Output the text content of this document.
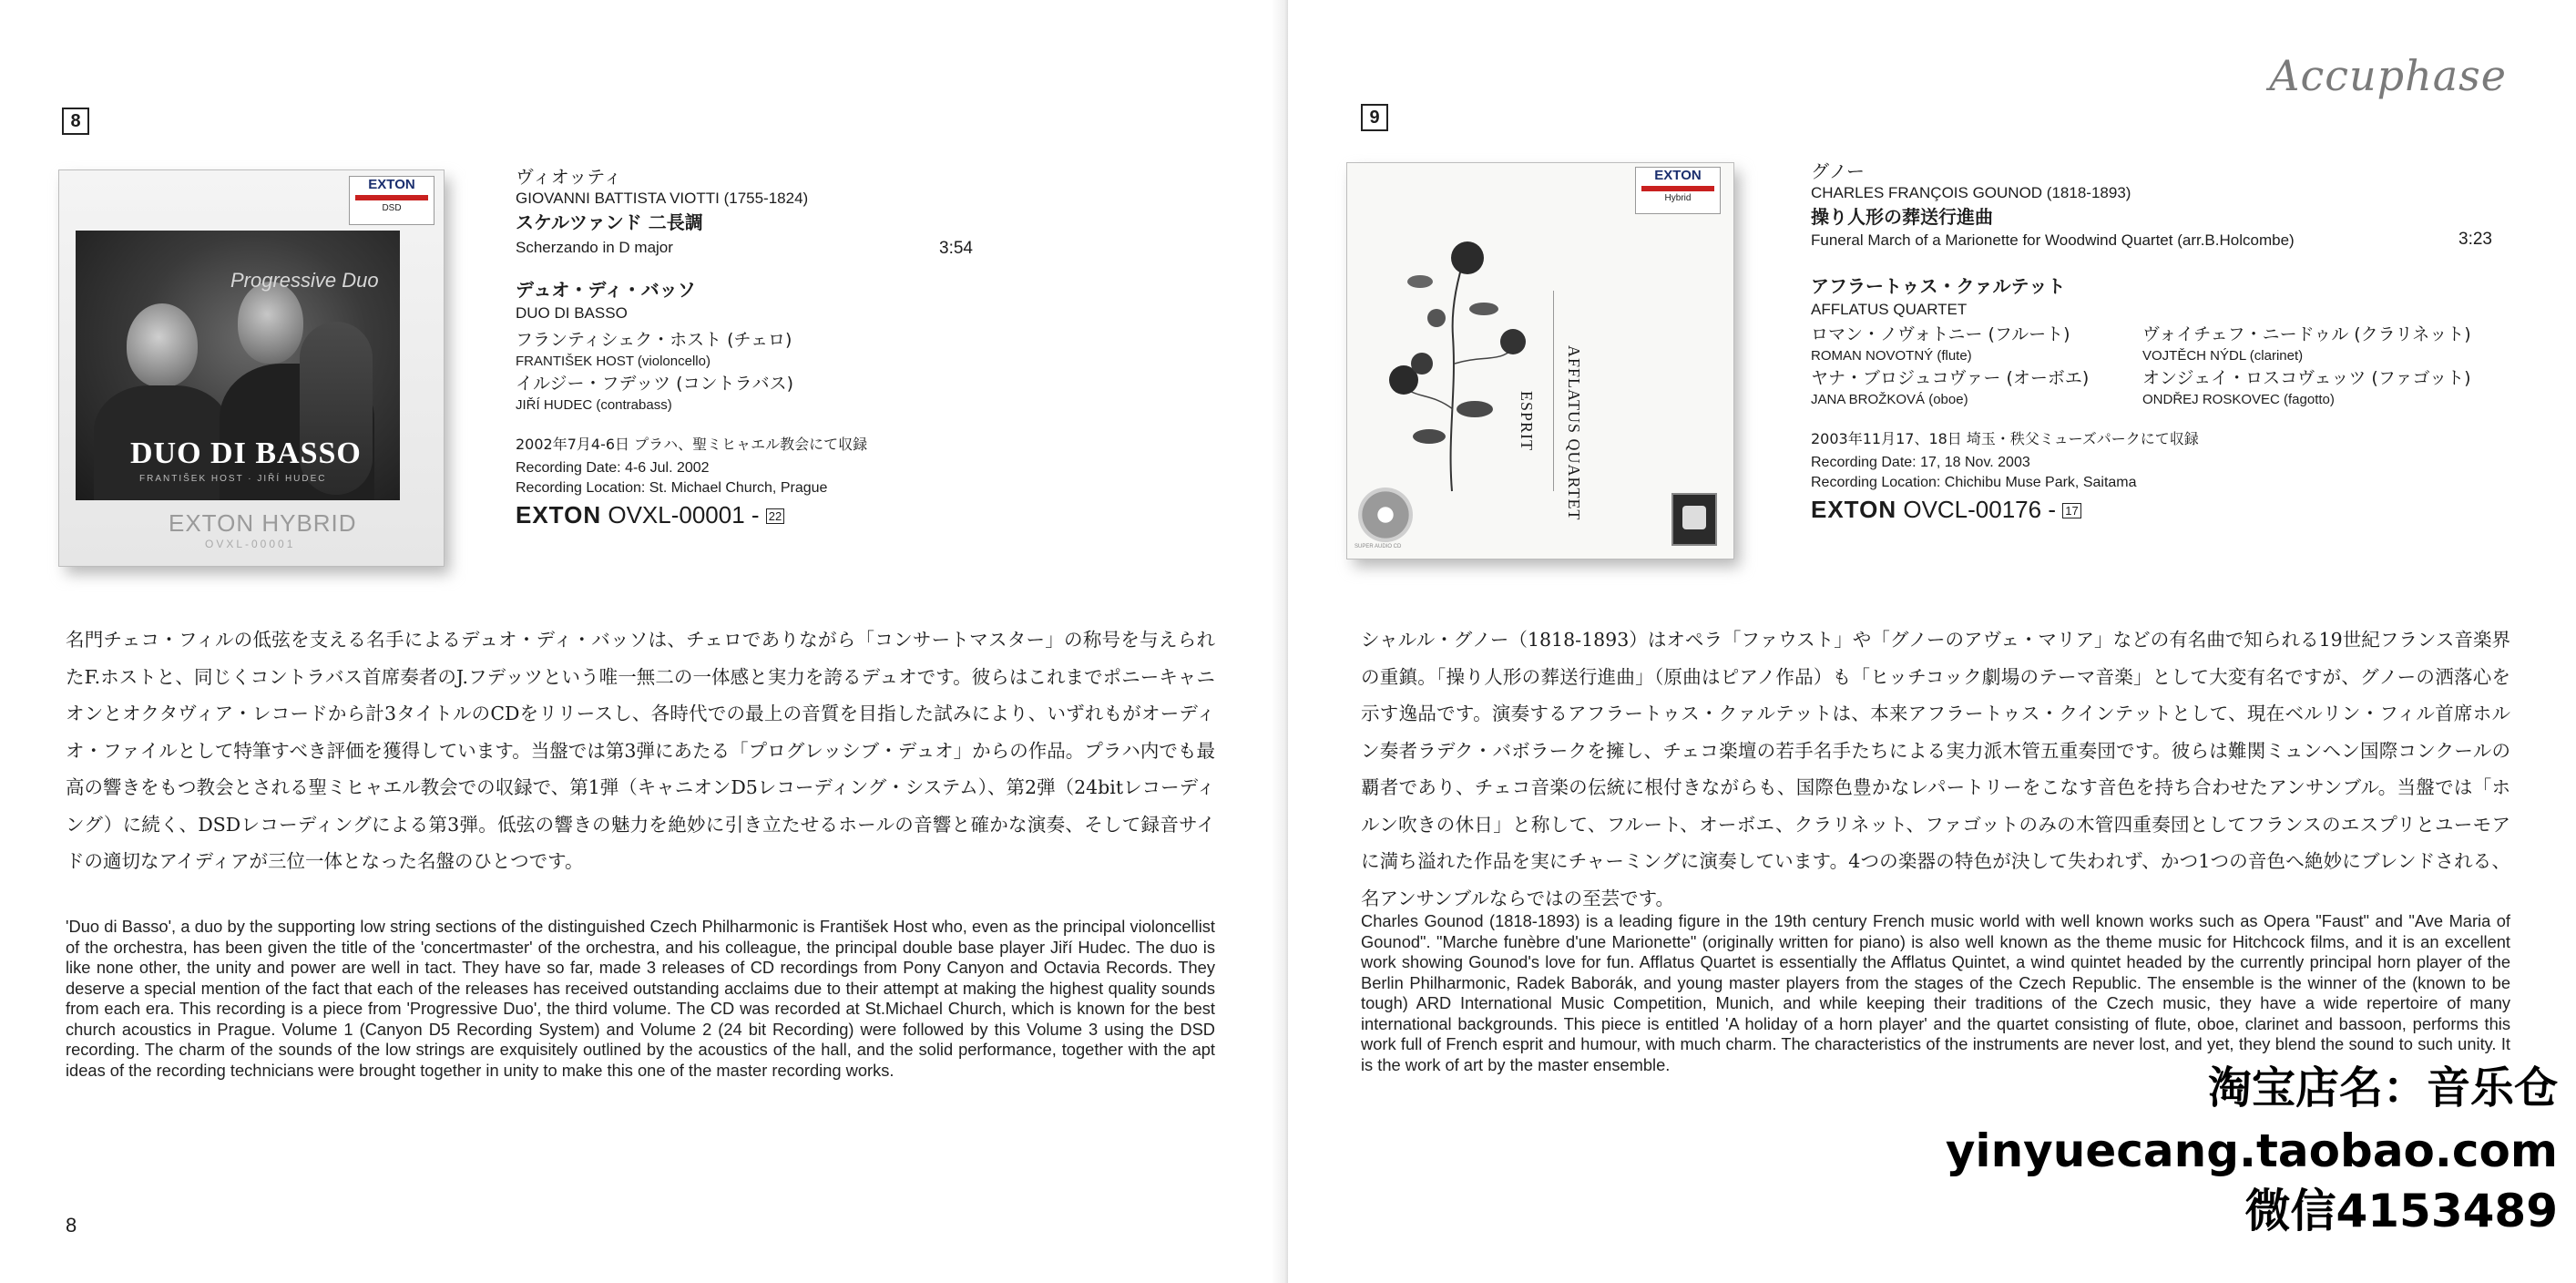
8
EXTON
DSD
Progressive Duo
DUO DI BASSO
FRANTIŠEK HOST · JIŘÍ HUDEC
EXTON HYBRID
OVXL-00001
ヴィオッティ
GIOVANNI BATTISTA VIOTTI (1755-1824)
スケルツァンド 二長調
Scherzando in D major	3:54
デュオ・ディ・バッソ
DUO DI BASSO
フランティシェク・ホスト (チェロ)
FRANTIŠEK HOST (violoncello)
イルジー・フデッツ (コントラバス)
JIŘÍ HUDEC (contrabass)
2002年7月4-6日 プラハ、聖ミヒャエル教会にて収録
Recording Date: 4-6 Jul. 2002
Recording Location: St. Michael Church, Prague
EXTON OVXL-00001 - 22
名門チェコ・フィルの低弦を支える名手によるデュオ・ディ・バッソは、チェロでありながら「コンサートマスター」の称号を与えられたF.ホストと、同じくコントラバス首席奏者のJ.フデッツという唯一無二の一体感と実力を誇るデュオです。彼らはこれまでポニーキャニオンとオクタヴィア・レコードから計3タイトルのCDをリリースし、各時代での最上の音質を目指した試みにより、いずれもがオーディオ・ファイルとして特筆すべき評価を獲得しています。当盤では第3弾にあたる「プログレッシブ・デュオ」からの作品。プラハ内でも最高の響きをもつ教会とされる聖ミヒャエル教会での収録で、第1弾（キャニオンD5レコーディング・システム）、第2弾（24bitレコーディング）に続く、DSDレコーディングによる第3弾。低弦の響きの魅力を絶妙に引き立たせるホールの音響と確かな演奏、そして録音サイドの適切なアイディアが三位一体となった名盤のひとつです。
'Duo di Basso', a duo by the supporting low string sections of the distinguished Czech Philharmonic is František Host who, even as the principal violoncellist of the orchestra, has been given the title of the 'concertmaster' of the orchestra, and his colleague, the principal double base player Jiří Hudec. The duo is like none other, the unity and power are well in tact. They have so far, made 3 releases of CD recordings from Pony Canyon and Octavia Records. They deserve a special mention of the fact that each of the releases has received outstanding acclaims due to their attempt at making the highest quality sounds from each era. This recording is a piece from 'Progressive Duo', the third volume. The CD was recorded at St.Michael Church, which is known for the best church acoustics in Prague. Volume 1 (Canyon D5 Recording System) and Volume 2 (24 bit Recording) were followed by this Volume 3 using the DSD recording. The charm of the sounds of the low strings are exquisitely outlined by the acoustics of the hall, and the solid performance, together with the apt ideas of the recording technicians were brought together in unity to make this one of the master recording works.
8
Accuphase
9
EXTON
Hybrid
ESPRIT AFFLATUS QUARTET
SUPER AUDIO CD
グノー
CHARLES FRANÇOIS GOUNOD (1818-1893)
操り人形の葬送行進曲
Funeral March of a Marionette for Woodwind Quartet (arr.B.Holcombe)	3:23
アフラートゥス・クァルテット
AFFLATUS QUARTET
ロマン・ノヴォトニー (フルート)
ROMAN NOVOTNÝ (flute)
ヴォイチェフ・ニードゥル (クラリネット)
VOJTĚCH NÝDL (clarinet)
ヤナ・ブロジュコヴァー (オーボエ)
JANA BROŽKOVÁ (oboe)
オンジェイ・ロスコヴェッツ (ファゴット)
ONDŘEJ ROSKOVEC (fagotto)
2003年11月17、18日 埼玉・秩父ミューズパークにて収録
Recording Date: 17, 18 Nov. 2003
Recording Location: Chichibu Muse Park, Saitama
EXTON OVCL-00176 - 17
シャルル・グノー（1818-1893）はオペラ「ファウスト」や「グノーのアヴェ・マリア」などの有名曲で知られる19世紀フランス音楽界の重鎮。「操り人形の葬送行進曲」（原曲はピアノ作品）も「ヒッチコック劇場のテーマ音楽」として大変有名ですが、グノーの洒落心を示す逸品です。演奏するアフラートゥス・クァルテットは、本来アフラートゥス・クインテットとして、現在ベルリン・フィル首席ホルン奏者ラデク・バボラークを擁し、チェコ楽壇の若手名手たちによる実力派木管五重奏団です。彼らは難関ミュンヘン国際コンクールの覇者であり、チェコ音楽の伝統に根付きながらも、国際色豊かなレパートリーをこなす音色を持ち合わせたアンサンブル。当盤では「ホルン吹きの休日」と称して、フルート、オーボエ、クラリネット、ファゴットのみの木管四重奏団としてフランスのエスプリとユーモアに満ち溢れた作品を実にチャーミングに演奏しています。4つの楽器の特色が決して失われず、かつ1つの音色へ絶妙にブレンドされる、名アンサンブルならではの至芸です。
Charles Gounod (1818-1893) is a leading figure in the 19th century French music world with well known works such as Opera "Faust" and "Ave Maria of Gounod". "Marche funèbre d'une Marionette" (originally written for piano) is also well known as the theme music for Hitchcock films, and it is an excellent work showing Gounod's love for fun. Afflatus Quartet is essentially the Afflatus Quintet, a wind quintet headed by the currently principal horn player of the Berlin Philharmonic, Radek Baborák, and young master players from the stages of the Czech Republic. The ensemble is the winner of the (known to be tough) ARD International Music Competition, Munich, and while keeping their traditions of the Czech music, they have a wide repertoire of many international backgrounds. This piece is entitled 'A holiday of a horn player' and the quartet consisting of flute, oboe, clarinet and bassoon, performs this work full of French esprit and humour, with much charm. The characteristics of the instruments are never lost, and yet, they blend the sound to such unity. It is the work of art by the master ensemble.	淘宝店名：音乐仓
yinyuecang.taobao.com
微信4153489
